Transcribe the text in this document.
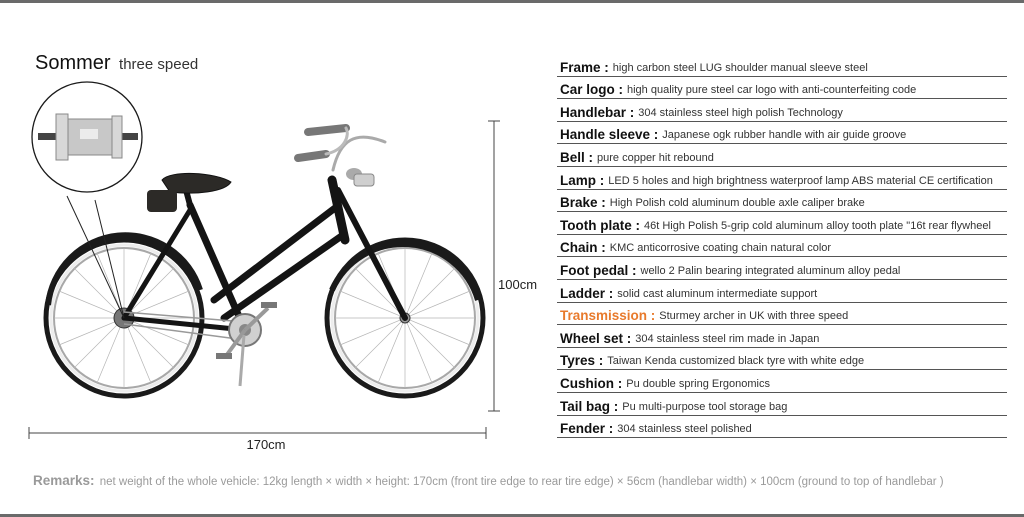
Sommer three speed
170cm
100cm
Frame : high carbon steel LUG shoulder manual sleeve steel
Car logo : high quality pure steel car logo with anti-counterfeiting code
Handlebar : 304 stainless steel high polish Technology
Handle sleeve : Japanese ogk rubber handle with air guide groove
Bell : pure copper hit rebound
Lamp : LED 5 holes and high brightness waterproof lamp ABS material CE certification
Brake : High Polish cold aluminum double axle caliper brake
Tooth plate : 46t High Polish 5-grip cold aluminum alloy tooth plate "16t rear flywheel
Chain : KMC anticorrosive coating chain natural color
Foot pedal : wello 2 Palin bearing integrated aluminum alloy pedal
Ladder : solid cast aluminum intermediate support
Transmission : Sturmey archer in UK with three speed
Wheel set : 304 stainless steel rim made in Japan
Tyres : Taiwan Kenda customized black tyre with white edge
Cushion : Pu double spring Ergonomics
Tail bag : Pu multi-purpose tool storage bag
Fender : 304 stainless steel polished
Remarks: net weight of the whole vehicle: 12kg length × width × height: 170cm (front tire edge to rear tire edge) × 56cm (handlebar width) × 100cm (ground to top of handlebar )
